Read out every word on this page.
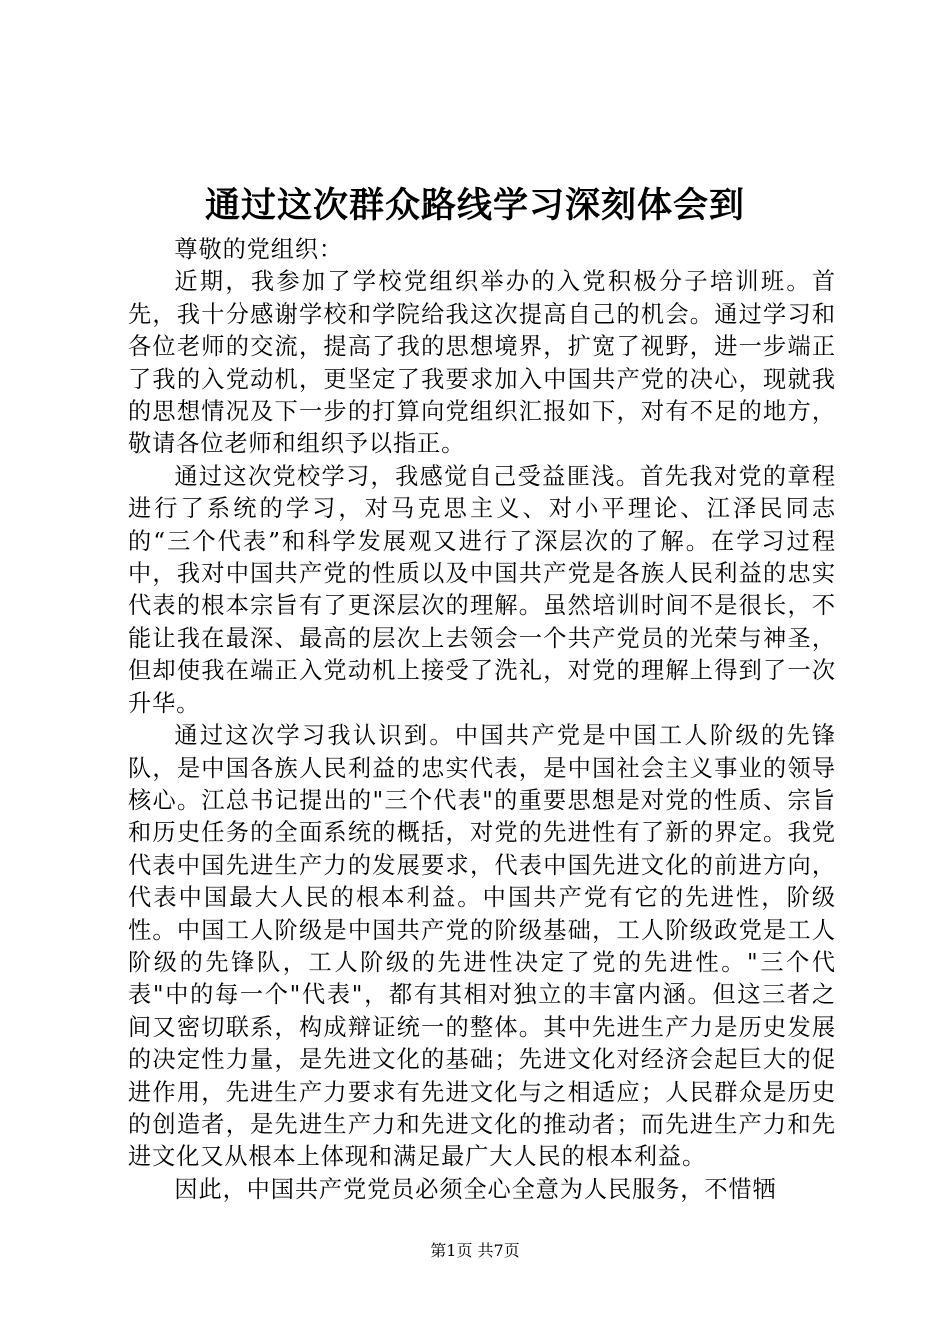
通过这次群众路线学习深刻体会到

尊敬的党组织：

近期，我参加了学校党组织举办的入党积极分子培训班。首先，我十分感谢学校和学院给我这次提高自己的机会。通过学习和各位老师的交流，提高了我的思想境界，扩宽了视野，进一步端正了我的入党动机，更坚定了我要求加入中国共产党的决心，现就我的思想情况及下一步的打算向党组织汇报如下，对有不足的地方，敬请各位老师和组织予以指正。

通过这次党校学习，我感觉自己受益匪浅。首先我对党的章程进行了系统的学习，对马克思主义、对小平理论、江泽民同志的“三个代表”和科学发展观又进行了深层次的了解。在学习过程中，我对中国共产党的性质以及中国共产党是各族人民利益的忠实代表的根本宗旨有了更深层次的理解。虽然培训时间不是很长，不能让我在最深、最高的层次上去领会一个共产党员的光荣与神圣，但却使我在端正入党动机上接受了洗礼，对党的理解上得到了一次升华。

通过这次学习我认识到。中国共产党是中国工人阶级的先锋队，是中国各族人民利益的忠实代表，是中国社会主义事业的领导核心。江总书记提出的"三个代表"的重要思想是对党的性质、宗旨和历史任务的全面系统的概括，对党的先进性有了新的界定。我党代表中国先进生产力的发展要求，代表中国先进文化的前进方向，代表中国最大人民的根本利益。中国共产党有它的先进性，阶级性。中国工人阶级是中国共产党的阶级基础，工人阶级政党是工人阶级的先锋队，工人阶级的先进性决定了党的先进性。"三个代表"中的每一个"代表"，都有其相对独立的丰富内涵。但这三者之间又密切联系，构成辩证统一的整体。其中先进生产力是历史发展的决定性力量，是先进文化的基础；先进文化对经济会起巨大的促进作用，先进生产力要求有先进文化与之相适应；人民群众是历史的创造者，是先进生产力和先进文化的推动者；而先进生产力和先进文化又从根本上体现和满足最广大人民的根本利益。

因此，中国共产党党员必须全心全意为人民服务，不惜牺

第1页 共7页
